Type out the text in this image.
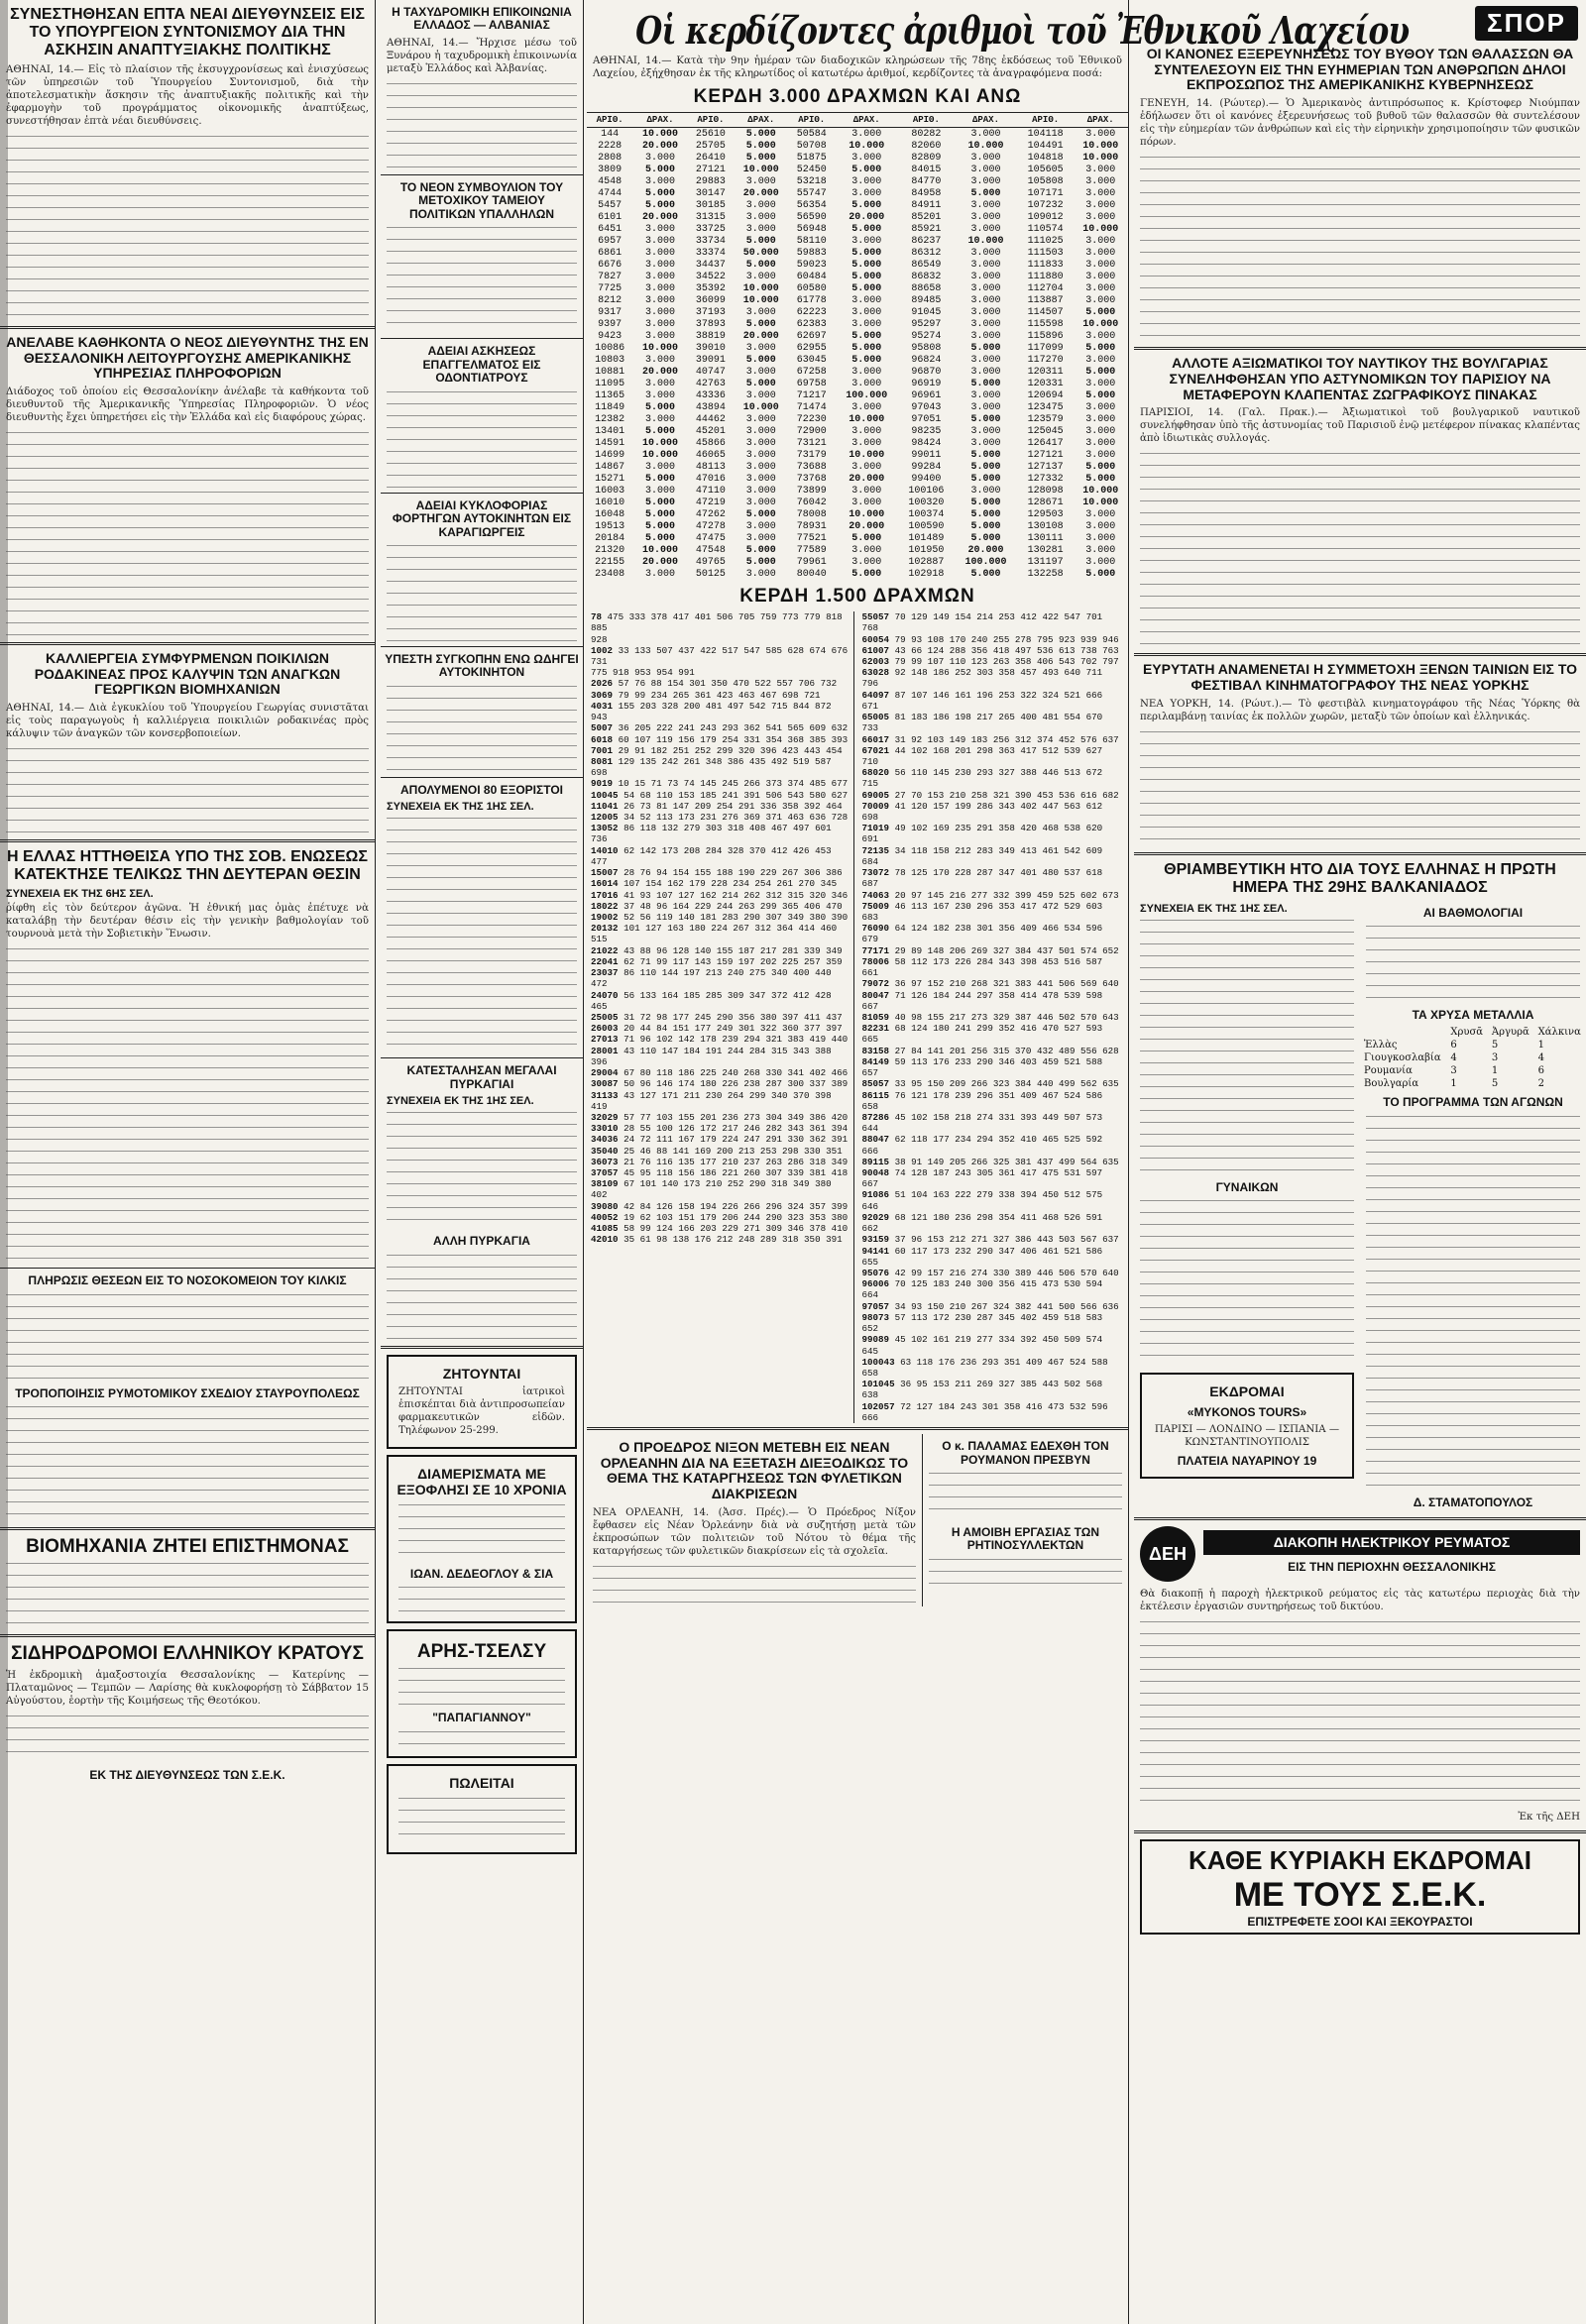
ΣΥΝΕΣΤΗΘΗΣΑΝ ΕΠΤΑ ΝΕΑΙ ΔΙΕΥΘΥΝΣΕΙΣ ΕΙΣ ΤΟ ΥΠΟΥΡΓΕΙΟΝ ΣΥΝΤΟΝΙΣΜΟΥ ΔΙΑ ΤΗΝ ΑΣΚΗΣΙΝ ΑΝΑΠΤΥΞΙΑΚΗΣ ΠΟΛΙΤΙΚΗΣ
ΑΘΗΝΑΙ, 14.— Εἰς τὸ πλαίσιον τῆς ἐκσυγχρονίσεως καὶ ἐνισχύσεως τῶν ὑπηρεσιῶν τοῦ Ὑπουργείου Συντονισμοῦ, διὰ τὴν ἀποτελεσματικὴν ἄσκησιν τῆς ἀναπτυξιακῆς πολιτικῆς καὶ τὴν ἐφαρμογὴν τοῦ προγράμματος οἰκονομικῆς ἀναπτύξεως, συνεστήθησαν ἑπτὰ νέαι διευθύνσεις.
ΑΝΕΛΑΒΕ ΚΑΘΗΚΟΝΤΑ Ο ΝΕΟΣ ΔΙΕΥΘΥΝΤΗΣ ΤΗΣ ΕΝ ΘΕΣΣΑΛΟΝΙΚΗ ΛΕΙΤΟΥΡΓΟΥΣΗΣ ΑΜΕΡΙΚΑΝΙΚΗΣ ΥΠΗΡΕΣΙΑΣ ΠΛΗΡΟΦΟΡΙΩΝ
Διάδοχος τοῦ ὁποίου εἰς Θεσσαλονίκην ἀνέλαβε τὰ καθήκοντα τοῦ διευθυντοῦ τῆς Ἀμερικανικῆς Ὑπηρεσίας Πληροφοριῶν. Ὁ νέος διευθυντὴς ἔχει ὑπηρετήσει εἰς τὴν Ἑλλάδα καὶ εἰς διαφόρους χώρας.
ΚΑΛΛΙΕΡΓΕΙΑ ΣΥΜΦΥΡΜΕΝΩΝ ΠΟΙΚΙΛΙΩΝ ΡΟΔΑΚΙΝΕΑΣ ΠΡΟΣ ΚΑΛΥΨΙΝ ΤΩΝ ΑΝΑΓΚΩΝ ΓΕΩΡΓΙΚΩΝ ΒΙΟΜΗΧΑΝΙΩΝ
ΑΘΗΝΑΙ, 14.— Διὰ ἐγκυκλίου τοῦ Ὑπουργείου Γεωργίας συνιστᾶται εἰς τοὺς παραγωγοὺς ἡ καλλιέργεια ποικιλιῶν ροδακινέας πρὸς κάλυψιν τῶν ἀναγκῶν τῶν κονσερβοποιείων.
Η ΕΛΛΑΣ ΗΤΤΗΘΕΙΣΑ ΥΠΟ ΤΗΣ ΣΟΒ. ΕΝΩΣΕΩΣ ΚΑΤΕΚΤΗΣΕ ΤΕΛΙΚΩΣ ΤΗΝ ΔΕΥΤΕΡΑΝ ΘΕΣΙΝ
ΣΥΝΕΧΕΙΑ ΕΚ ΤΗΣ 6ΗΣ ΣΕΛ.
ῥίφθη εἰς τὸν δεύτερον ἀγῶνα. Ἡ ἐθνική μας ὁμὰς ἐπέτυχε νὰ καταλάβῃ τὴν δευτέραν θέσιν εἰς τὴν γενικὴν βαθμολογίαν τοῦ τουρνουὰ μετὰ τὴν Σοβιετικὴν Ἕνωσιν.
ΠΛΗΡΩΣΙΣ ΘΕΣΕΩΝ ΕΙΣ ΤΟ ΝΟΣΟΚΟΜΕΙΟΝ ΤΟΥ ΚΙΛΚΙΣ
ΤΡΟΠΟΠΟΙΗΣΙΣ ΡΥΜΟΤΟΜΙΚΟΥ ΣΧΕΔΙΟΥ ΣΤΑΥΡΟΥΠΟΛΕΩΣ
ΒΙΟΜΗΧΑΝΙΑ ΖΗΤΕΙ ΕΠΙΣΤΗΜΟΝΑΣ
ΣΙΔΗΡΟΔΡΟΜΟΙ ΕΛΛΗΝΙΚΟΥ ΚΡΑΤΟΥΣ
Ἡ ἐκδρομικὴ ἁμαξοστοιχία Θεσσαλονίκης — Κατερίνης — Πλαταμῶνος — Τεμπῶν — Λαρίσης θὰ κυκλοφορήσῃ τὸ Σάββατον 15 Αὐγούστου, ἑορτὴν τῆς Κοιμήσεως τῆς Θεοτόκου.
ΕΚ ΤΗΣ ΔΙΕΥΘΥΝΣΕΩΣ ΤΩΝ Σ.Ε.Κ.
Η ΤΑΧΥΔΡΟΜΙΚΗ ΕΠΙΚΟΙΝΩΝΙΑ ΕΛΛΑΔΟΣ — ΑΛΒΑΝΙΑΣ
ΑΘΗΝΑΙ, 14.— Ἤρχισε μέσω τοῦ Ξυνάρου ἡ ταχυδρομικὴ ἐπικοινωνία μεταξὺ Ἑλλάδος καὶ Ἀλβανίας.
ΤΟ ΝΕΟΝ ΣΥΜΒΟΥΛΙΟΝ ΤΟΥ ΜΕΤΟΧΙΚΟΥ ΤΑΜΕΙΟΥ ΠΟΛΙΤΙΚΩΝ ΥΠΑΛΛΗΛΩΝ
ΑΔΕΙΑΙ ΑΣΚΗΣΕΩΣ ΕΠΑΓΓΕΛΜΑΤΟΣ ΕΙΣ ΟΔΟΝΤΙΑΤΡΟΥΣ
ΑΔΕΙΑΙ ΚΥΚΛΟΦΟΡΙΑΣ ΦΟΡΤΗΓΩΝ ΑΥΤΟΚΙΝΗΤΩΝ ΕΙΣ ΚΑΡΑΓΙΩΡΓΕΙΣ
ΥΠΕΣΤΗ ΣΥΓΚΟΠΗΝ ΕΝΩ ΩΔΗΓΕΙ ΑΥΤΟΚΙΝΗΤΟΝ
ΑΠΟΛΥΜΕΝΟΙ 80 ΕΞΟΡΙΣΤΟΙ
ΣΥΝΕΧΕΙΑ ΕΚ ΤΗΣ 1ΗΣ ΣΕΛ.
ΚΑΤΕΣΤΑΛΗΣΑΝ ΜΕΓΑΛΑΙ ΠΥΡΚΑΓΙΑΙ
ΣΥΝΕΧΕΙΑ ΕΚ ΤΗΣ 1ΗΣ ΣΕΛ.
ΑΛΛΗ ΠΥΡΚΑΓΙΑ
ΖΗΤΟΥΝΤΑΙ
ΖΗΤΟΥΝΤΑΙ ἰατρικοὶ ἐπισκέπται διὰ ἀντιπροσωπείαν φαρμακευτικῶν εἰδῶν. Τηλέφωνον 25-299.
ΔΙΑΜΕΡΙΣΜΑΤΑ ΜΕ ΕΞΟΦΛΗΣΙ ΣΕ 10 ΧΡΟΝΙΑ
ΙΩΑΝ. ΔΕΔΕΟΓΛΟΥ & ΣΙΑ
ΑΡΗΣ-ΤΣΕΛΣΥ
"ΠΑΠΑΓΙΑΝΝΟΥ"
ΠΩΛΕΙΤΑΙ
Οἱ κερδίζοντες ἀριθμοὶ τοῦ Ἐθνικοῦ Λαχείου
ΑΘΗΝΑΙ, 14.— Κατὰ τὴν 9ην ἡμέραν τῶν διαδοχικῶν κληρώσεων τῆς 78ης ἐκδόσεως τοῦ Ἐθνικοῦ Λαχείου, ἐξήχθησαν ἐκ τῆς κληρωτίδος οἱ κατωτέρω ἀριθμοί, κερδίζοντες τὰ ἀναγραφόμενα ποσά:
ΚΕΡΔΗ 3.000 ΔΡΑΧΜΩΝ ΚΑΙ ΑΝΩ
ΑΡΙΘ.	ΔΡΑΧ.	ΑΡΙΘ.	ΔΡΑΧ.	ΑΡΙΘ.	ΔΡΑΧ.	ΑΡΙΘ.	ΔΡΑΧ.	ΑΡΙΘ.	ΔΡΑΧ.
144	10.000	25610	5.000	50584	3.000	80282	3.000	104118	3.000
2228	20.000	25705	5.000	50708	10.000	82060	10.000	104491	10.000
2808	3.000	26410	5.000	51875	3.000	82809	3.000	104818	10.000
3809	5.000	27121	10.000	52450	5.000	84015	3.000	105605	3.000
4548	3.000	29883	3.000	53218	3.000	84770	3.000	105808	3.000
4744	5.000	30147	20.000	55747	3.000	84958	5.000	107171	3.000
5457	5.000	30185	3.000	56354	5.000	84911	3.000	107232	3.000
6101	20.000	31315	3.000	56590	20.000	85201	3.000	109012	3.000
6451	3.000	33725	3.000	56948	5.000	85921	3.000	110574	10.000
6957	3.000	33734	5.000	58110	3.000	86237	10.000	111025	3.000
6861	3.000	33374	50.000	59883	5.000	86312	3.000	111503	3.000
6676	3.000	34437	5.000	59023	5.000	86549	3.000	111833	3.000
7827	3.000	34522	3.000	60484	5.000	86832	3.000	111880	3.000
7725	3.000	35392	10.000	60580	5.000	88658	3.000	112704	3.000
8212	3.000	36099	10.000	61778	3.000	89485	3.000	113887	3.000
9317	3.000	37193	3.000	62223	3.000	91045	3.000	114507	5.000
9397	3.000	37893	5.000	62383	3.000	95297	3.000	115598	10.000
9423	3.000	38819	20.000	62697	5.000	95274	3.000	115896	3.000
10086	10.000	39010	3.000	62955	5.000	95808	5.000	117099	5.000
10803	3.000	39091	5.000	63045	5.000	96824	3.000	117270	3.000
10881	20.000	40747	3.000	67258	3.000	96870	3.000	120311	5.000
11095	3.000	42763	5.000	69758	3.000	96919	5.000	120331	3.000
11365	3.000	43336	3.000	71217	100.000	96961	3.000	120694	5.000
11849	5.000	43894	10.000	71474	3.000	97043	3.000	123475	3.000
12382	3.000	44462	3.000	72230	10.000	97051	5.000	123579	3.000
13401	5.000	45201	3.000	72900	3.000	98235	3.000	125045	3.000
14591	10.000	45866	3.000	73121	3.000	98424	3.000	126417	3.000
14699	10.000	46065	3.000	73179	10.000	99011	5.000	127121	3.000
14867	3.000	48113	3.000	73688	3.000	99284	5.000	127137	5.000
15271	5.000	47016	3.000	73768	20.000	99400	5.000	127332	5.000
16003	3.000	47110	3.000	73899	3.000	100106	3.000	128098	10.000
16010	5.000	47219	3.000	76042	3.000	100320	5.000	128671	10.000
16048	5.000	47262	5.000	78008	10.000	100374	5.000	129503	3.000
19513	5.000	47278	3.000	78931	20.000	100590	5.000	130108	3.000
20184	5.000	47475	3.000	77521	5.000	101489	5.000	130111	3.000
21320	10.000	47548	5.000	77589	3.000	101950	20.000	130281	3.000
22155	20.000	49765	5.000	79961	3.000	102887	100.000	131197	3.000
23408	3.000	50125	3.000	80040	5.000	102918	5.000	132258	5.000
ΚΕΡΔΗ 1.500 ΔΡΑΧΜΩΝ
78 475 333 378 417 401 506 705 759 773 779 818 885
928
1002 33 133 507 437 422 517 547 585 628 674 676 731
775 918 953 954 991
2026 57 76 88 154 301 350 470 522 557 706 732
3069 79 99 234 265 361 423 463 467 698 721
4031 155 203 328 200 481 497 542 715 844 872 943
5007 36 205 222 241 243 293 362 541 565 609 632
6018 60 107 119 156 179 254 331 354 368 385 393
7001 29 91 182 251 252 299 320 396 423 443 454
8081 129 135 242 261 348 386 435 492 519 587 698
9019 10 15 71 73 74 145 245 266 373 374 485 677
10045 54 68 110 153 185 241 391 506 543 580 627
11041 26 73 81 147 209 254 291 336 358 392 464
12005 34 52 113 173 231 276 369 371 463 636 728
13052 86 118 132 279 303 318 408 467 497 601 736
14010 62 142 173 208 284 328 370 412 426 453 477
15007 28 76 94 154 155 188 190 229 267 306 386
16014 107 154 162 179 228 234 254 261 270 345
17016 41 93 107 127 162 214 262 312 315 320 346
18022 37 48 96 164 229 244 263 299 365 406 470
19002 52 56 119 140 181 283 290 307 349 380 390
20132 101 127 163 180 224 267 312 364 414 460 515
21022 43 88 96 128 140 155 187 217 281 339 349
22041 62 71 99 117 143 159 197 202 225 257 359
23037 86 110 144 197 213 240 275 340 400 440 472
24070 56 133 164 185 285 309 347 372 412 428 465
25005 31 72 98 177 245 290 356 380 397 411 437
26003 20 44 84 151 177 249 301 322 360 377 397
27013 71 96 102 142 178 239 294 321 383 419 440
28001 43 110 147 184 191 244 284 315 343 388 396
29004 67 80 118 186 225 240 268 330 341 402 466
30087 50 96 146 174 180 226 238 287 300 337 389
31133 43 127 171 211 230 264 299 340 370 398 419
32029 57 77 103 155 201 236 273 304 349 386 420
33010 28 55 100 126 172 217 246 282 343 361 394
34036 24 72 111 167 179 224 247 291 330 362 391
35040 25 46 88 141 169 200 213 253 298 330 351
36073 21 76 116 135 177 210 237 263 286 318 349
37057 45 95 118 156 186 221 260 307 339 381 418
38109 67 101 140 173 210 252 290 318 349 380 402
39080 42 84 126 158 194 226 266 296 324 357 399
40052 19 62 103 151 179 206 244 290 323 353 380
41085 58 99 124 166 203 229 271 309 346 378 410
42010 35 61 98 138 176 212 248 289 318 350 391
55057 70 129 149 154 214 253 412 422 547 701 768
60054 79 93 108 170 240 255 278 795 923 939 946
61007 43 66 124 288 356 418 497 536 613 738 763
62003 79 99 107 110 123 263 358 406 543 702 797
63028 92 148 186 252 303 358 457 493 640 711 796
64097 87 107 146 161 196 253 322 324 521 666 671
65005 81 183 186 198 217 265 400 481 554 670 733
66017 31 92 103 149 183 256 312 374 452 576 637
67021 44 102 168 201 298 363 417 512 539 627 710
68020 56 110 145 230 293 327 388 446 513 672 715
69005 27 70 153 210 258 321 390 453 536 616 682
70009 41 120 157 199 286 343 402 447 563 612 698
71019 49 102 169 235 291 358 420 468 538 620 691
72135 34 118 158 212 283 349 413 461 542 609 684
73072 78 125 170 228 287 347 401 480 537 618 687
74063 20 97 145 216 277 332 399 459 525 602 673
75009 46 113 167 230 296 353 417 472 529 603 683
76090 64 124 182 238 301 356 409 466 534 596 679
77171 29 89 148 206 269 327 384 437 501 574 652
78006 58 112 173 226 284 343 398 453 516 587 661
79072 36 97 152 210 268 321 383 441 506 569 640
80047 71 126 184 244 297 358 414 478 539 598 667
81059 40 98 155 217 273 329 387 446 502 570 643
82231 68 124 180 241 299 352 416 470 527 593 665
83158 27 84 141 201 256 315 370 432 489 556 628
84149 59 113 176 233 290 346 403 459 521 588 657
85057 33 95 150 209 266 323 384 440 499 562 635
86115 76 121 178 239 296 351 409 467 524 586 658
87286 45 102 158 218 274 331 393 449 507 573 644
88047 62 118 177 234 294 352 410 465 525 592 666
89115 38 91 149 205 266 325 381 437 499 564 635
90048 74 128 187 243 305 361 417 475 531 597 667
91086 51 104 163 222 279 338 394 450 512 575 646
92029 68 121 180 236 298 354 411 468 526 591 662
93159 37 96 153 212 271 327 386 443 503 567 637
94141 60 117 173 232 290 347 406 461 521 586 655
95076 42 99 157 216 274 330 389 446 506 570 640
96006 70 125 183 240 300 356 415 473 530 594 664
97057 34 93 150 210 267 324 382 441 500 566 636
98073 57 113 172 230 287 345 402 459 518 583 652
99089 45 102 161 219 277 334 392 450 509 574 645
100043 63 118 176 236 293 351 409 467 524 588 658
101045 36 95 153 211 269 327 385 443 502 568 638
102057 72 127 184 243 301 358 416 473 532 596 666
Ο ΠΡΟΕΔΡΟΣ ΝΙΞΟΝ ΜΕΤΕΒΗ ΕΙΣ ΝΕΑΝ ΟΡΛΕΑΝΗΝ ΔΙΑ ΝΑ ΕΞΕΤΑΣΗ ΔΙΕΞΟΔΙΚΩΣ ΤΟ ΘΕΜΑ ΤΗΣ ΚΑΤΑΡΓΗΣΕΩΣ ΤΩΝ ΦΥΛΕΤΙΚΩΝ ΔΙΑΚΡΙΣΕΩΝ
ΝΕΑ ΟΡΛΕΑΝΗ, 14. (Ἀσσ. Πρές).— Ὁ Πρόεδρος Νίξον ἔφθασεν εἰς Νέαν Ὀρλεάνην διὰ νὰ συζητήσῃ μετὰ τῶν ἐκπροσώπων τῶν πολιτειῶν τοῦ Νότου τὸ θέμα τῆς καταργήσεως τῶν φυλετικῶν διακρίσεων εἰς τὰ σχολεῖα.
Ο κ. ΠΑΛΑΜΑΣ ΕΔΕΧΘΗ ΤΟΝ ΡΟΥΜΑΝΟΝ ΠΡΕΣΒΥΝ
Η ΑΜΟΙΒΗ ΕΡΓΑΣΙΑΣ ΤΩΝ ΡΗΤΙΝΟΣΥΛΛΕΚΤΩΝ
ΣΠΟΡ
ΟΙ ΚΑΝΟΝΕΣ ΕΞΕΡΕΥΝΗΣΕΩΣ ΤΟΥ ΒΥΘΟΥ ΤΩΝ ΘΑΛΑΣΣΩΝ ΘΑ ΣΥΝΤΕΛΕΣΟΥΝ ΕΙΣ ΤΗΝ ΕΥΗΜΕΡΙΑΝ ΤΩΝ ΑΝΘΡΩΠΩΝ ΔΗΛΟΙ ΕΚΠΡΟΣΩΠΟΣ ΤΗΣ ΑΜΕΡΙΚΑΝΙΚΗΣ ΚΥΒΕΡΝΗΣΕΩΣ
ΓΕΝΕΥΗ, 14. (Ρώυτερ).— Ὁ Ἀμερικανὸς ἀντιπρόσωπος κ. Κρίστοφερ Νιούμπαν ἐδήλωσεν ὅτι οἱ κανόνες ἐξερευνήσεως τοῦ βυθοῦ τῶν θαλασσῶν θὰ συντελέσουν εἰς τὴν εὐημερίαν τῶν ἀνθρώπων καὶ εἰς τὴν εἰρηνικὴν χρησιμοποίησιν τῶν φυσικῶν πόρων.
ΑΛΛΟΤΕ ΑΞΙΩΜΑΤΙΚΟΙ ΤΟΥ ΝΑΥΤΙΚΟΥ ΤΗΣ ΒΟΥΛΓΑΡΙΑΣ ΣΥΝΕΛΗΦΘΗΣΑΝ ΥΠΟ ΑΣΤΥΝΟΜΙΚΩΝ ΤΟΥ ΠΑΡΙΣΙΟΥ ΝΑ ΜΕΤΑΦΕΡΟΥΝ ΚΛΑΠΕΝΤΑΣ ΖΩΓΡΑΦΙΚΟΥΣ ΠΙΝΑΚΑΣ
ΠΑΡΙΣΙΟΙ, 14. (Γαλ. Πρακ.).— Ἀξιωματικοὶ τοῦ βουλγαρικοῦ ναυτικοῦ συνελήφθησαν ὑπὸ τῆς ἀστυνομίας τοῦ Παρισιοῦ ἐνῷ μετέφερον πίνακας κλαπέντας ἀπὸ ἰδιωτικὰς συλλογάς.
ΕΥΡΥΤΑΤΗ ΑΝΑΜΕΝΕΤΑΙ Η ΣΥΜΜΕΤΟΧΗ ΞΕΝΩΝ ΤΑΙΝΙΩΝ ΕΙΣ ΤΟ ΦΕΣΤΙΒΑΛ ΚΙΝΗΜΑΤΟΓΡΑΦΟΥ ΤΗΣ ΝΕΑΣ ΥΟΡΚΗΣ
ΝΕΑ ΥΟΡΚΗ, 14. (Ρώυτ.).— Τὸ φεστιβὰλ κινηματογράφου τῆς Νέας Ὑόρκης θὰ περιλαμβάνῃ ταινίας ἐκ πολλῶν χωρῶν, μεταξὺ τῶν ὁποίων καὶ ἑλληνικάς.
ΘΡΙΑΜΒΕΥΤΙΚΗ ΗΤΟ ΔΙΑ ΤΟΥΣ ΕΛΛΗΝΑΣ Η ΠΡΩΤΗ ΗΜΕΡΑ ΤΗΣ 29ΗΣ ΒΑΛΚΑΝΙΑΔΟΣ
ΣΥΝΕΧΕΙΑ ΕΚ ΤΗΣ 1ΗΣ ΣΕΛ.
ΓΥΝΑΙΚΩΝ
ΕΚΔΡΟΜΑΙ
«MYKONOS TOURS»
ΠΑΡΙΣΙ — ΛΟΝΔΙΝΟ — ΙΣΠΑΝΙΑ — ΚΩΝΣΤΑΝΤΙΝΟΥΠΟΛΙΣ
ΠΛΑΤΕΙΑ ΝΑΥΑΡΙΝΟΥ 19
ΑΙ ΒΑΘΜΟΛΟΓΙΑΙ
ΤΑ ΧΡΥΣΑ ΜΕΤΑΛΛΙΑ
	Χρυσᾶ	Ἀργυρᾶ	Χάλκινα
Ἑλλὰς	6	5	1
Γιουγκοσλαβία	4	3	4
Ρουμανία	3	1	6
Βουλγαρία	1	5	2
ΤΟ ΠΡΟΓΡΑΜΜΑ ΤΩΝ ΑΓΩΝΩΝ
Δ. ΣΤΑΜΑΤΟΠΟΥΛΟΣ
ΔΕΗ
ΔΙΑΚΟΠΗ ΗΛΕΚΤΡΙΚΟΥ ΡΕΥΜΑΤΟΣ
ΕΙΣ ΤΗΝ ΠΕΡΙΟΧΗΝ ΘΕΣΣΑΛΟΝΙΚΗΣ
Θὰ διακοπῇ ἡ παροχὴ ἠλεκτρικοῦ ρεύματος εἰς τὰς κατωτέρω περιοχὰς διὰ τὴν ἐκτέλεσιν ἐργασιῶν συντηρήσεως τοῦ δικτύου.
Ἐκ τῆς ΔΕΗ
ΚΑΘΕ ΚΥΡΙΑΚΗ ΕΚΔΡΟΜΑΙ
ΜΕ ΤΟΥΣ Σ.Ε.Κ.
ΕΠΙΣΤΡΕΦΕΤΕ ΣΟΟΙ ΚΑΙ ΞΕΚΟΥΡΑΣΤΟΙ
